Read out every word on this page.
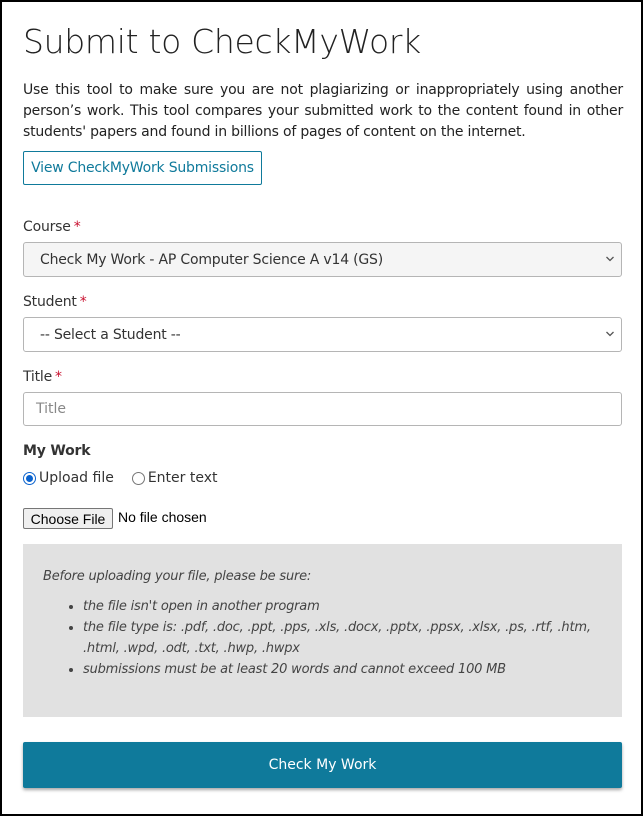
Submit to CheckMyWork

Use this tool to make sure you are not plagiarizing or inappropriately using another person’s work. This tool compares your submitted work to the content found in other students' papers and found in billions of pages of content on the internet.

View CheckMyWork Submissions
Course *
Check My Work - AP Computer Science A v14 (GS)
Student *
-- Select a Student --
Title *
Title
My Work
Upload file Enter text
Choose File No file chosen
Before uploading your file, please be sure:
• the file isn't open in another program
• the file type is: .pdf, .doc, .ppt, .pps, .xls, .docx, .pptx, .ppsx, .xlsx, .ps, .rtf, .htm, .html, .wpd, .odt, .txt, .hwp, .hwpx
• submissions must be at least 20 words and cannot exceed 100 MB
Check My Work
